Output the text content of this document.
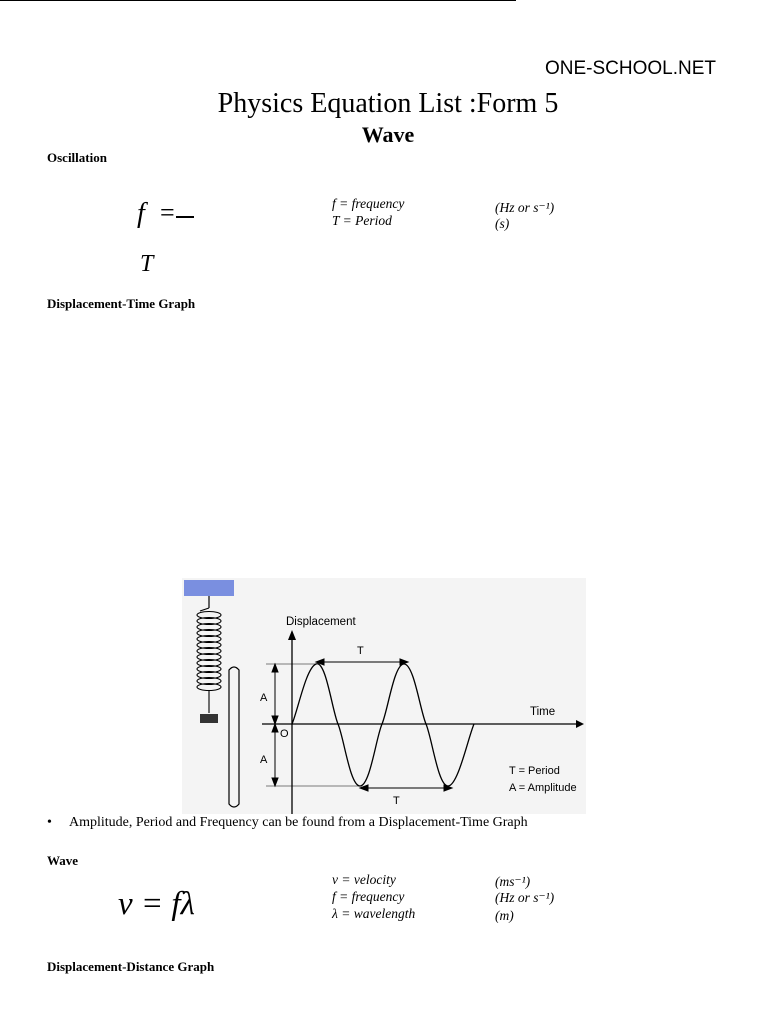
ONE-SCHOOL.NET
Physics Equation List :Form 5
Wave
Oscillation
f =
T
f = frequency
T = Period
(Hz or s⁻¹)
(s)
Displacement-Time Graph
Displacement
Time
O
A
A
T
T
T = Period
A = Amplitude
• Amplitude, Period and Frequency can be found from a Displacement-Time Graph
Wave
v = fλ
v = velocity
f = frequency
λ = wavelength
(ms⁻¹)
(Hz or s⁻¹)
(m)
Displacement-Distance Graph
